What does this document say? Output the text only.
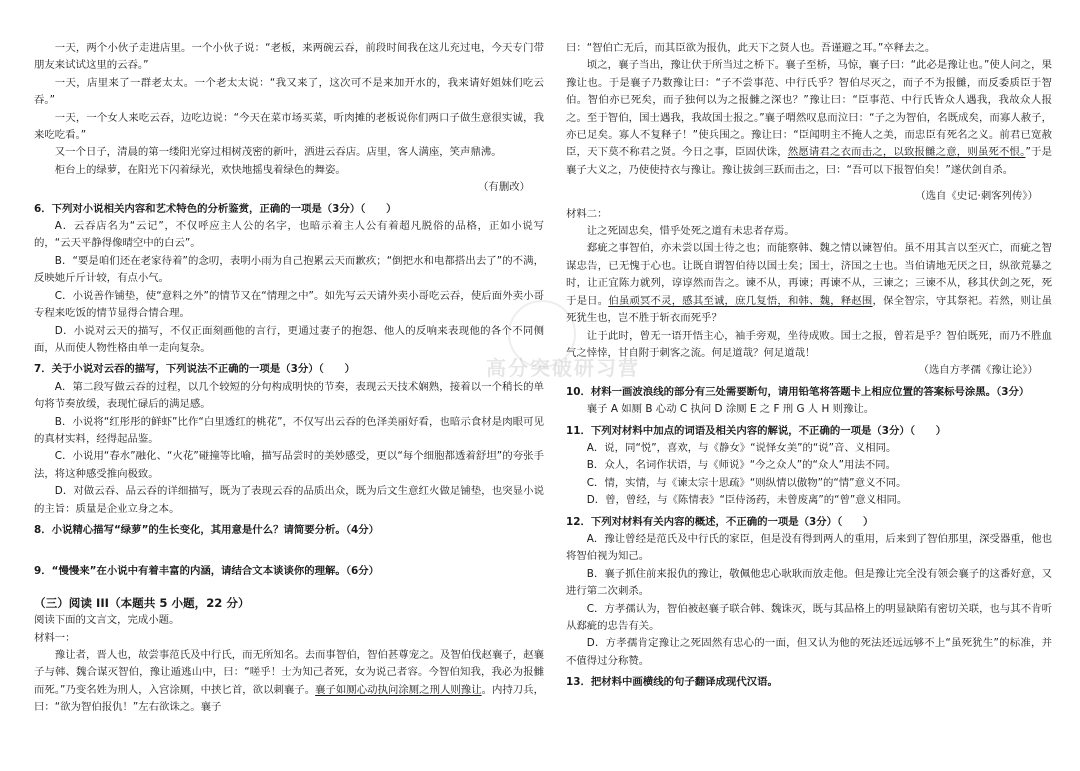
一天，两个小伙子走进店里。一个小伙子说：“老板，来两碗云吞，前段时间我在这儿充过电，今天专门带朋友来试试这里的云吞。”

一天，店里来了一群老太太。一个老太太说：“我又来了，这次可不是来加开水的，我来请好姐妹们吃云吞。”

一天，一个女人来吃云吞，边吃边说：“今天在菜市场买菜，听肉摊的老板说你们两口子做生意很实诚，我来吃吃看。”

又一个日子，清晨的第一缕阳光穿过相树茂密的新叶，洒进云吞店。店里，客人满座，笑声鼎沸。

柜台上的绿萝，在阳光下闪着绿光，欢快地摇曳着绿色的舞姿。

（有删改）

6．下列对小说相关内容和艺术特色的分析鉴赏，正确的一项是（3分）（　　）

A．云吞店名为“云记”，不仅呼应主人公的名字，也暗示着主人公有着超凡脱俗的品格，正如小说写的，“云天平静得像晴空中的白云”。

B．“要是咱们还在老家待着”的念叨，表明小雨为自己抱累云天而歉疚；“倒把水和电都搭出去了”的不满，反映她斤斤计较，有点小气。

C．小说善作铺垫，使“意料之外”的情节又在“情理之中”。如先写云天请外卖小哥吃云吞，使后面外卖小哥专程来吃饭的情节显得合情合理。

D．小说对云天的描写，不仅正面刻画他的言行，更通过妻子的抱怨、他人的反响来表现他的各个不同侧面，从而使人物性格由单一走向复杂。

7．关于小说对云吞的描写，下列说法不正确的一项是（3分）（　　）

A．第二段写做云吞的过程，以几个较短的分句构成明快的节奏，表现云天技术娴熟，接着以一个稍长的单句将节奏放缓，表现忙碌后的满足感。

B．小说将“红彤彤的鲜虾”比作“白里透红的桃花”，不仅写出云吞的色泽美丽好看，也暗示食材是肉眼可见的真材实料，经得起品鉴。

C．小说用“春水”融化、“火花”碰撞等比喻，描写品尝时的美妙感受，更以“每个细胞都透着舒坦”的夸张手法，将这种感受推向极致。

D．对做云吞、品云吞的详细描写，既为了表现云吞的品质出众，既为后文生意红火做足铺垫，也突显小说的主旨：质量是企业立身之本。

8．小说精心描写“绿萝”的生长变化，其用意是什么？请简要分析。（4分）

9．“慢慢来”在小说中有着丰富的内涵，请结合文本谈谈你的理解。（6分）

（三）阅读 III（本题共 5 小题，22 分）

阅读下面的文言文，完成小题。

材料一：

豫让者，晋人也，故尝事范氏及中行氏，而无所知名。去而事智伯，智伯甚尊宠之。及智伯伐赵襄子，赵襄子与韩、魏合谋灭智伯，豫让遁逃山中，曰：“嗟乎！士为知己者死，女为说己者容。今智伯知我，我必为报雠而死。”乃变名姓为刑人，入宫涂厕，中挟匕首，欲以刺襄子。襄子如厕心动执问涂厕之刑人则豫让。内持刀兵，曰：“欲为智伯报仇！”左右欲诛之。襄子

曰：“智伯亡无后，而其臣欲为报仇，此天下之贤人也。吾谨避之耳。”卒释去之。

顷之，襄子当出，豫让伏于所当过之桥下。襄子至桥，马惊，襄子曰：“此必是豫让也。”使人问之，果豫让也。于是襄子乃数豫让曰：“子不尝事范、中行氏乎？智伯尽灭之，而子不为报雠，而反委质臣于智伯。智伯亦已死矣，而子独何以为之报雠之深也？”豫让曰：“臣事范、中行氏皆众人遇我，我故众人报之。至于智伯，国士遇我，我故国士报之。”襄子喟然叹息而泣曰：“子之为智伯，名既成矣，而寡人赦子，亦已足矣。寡人不复释子！”使兵围之。豫让曰：“臣闻明主不掩人之美，而忠臣有死名之义。前君已宽赦臣，天下莫不称君之贤。今日之事，臣固伏诛，然愿请君之衣而击之，以致报雠之意，则虽死不恨。”于是襄子大义之，乃使使持衣与豫让。豫让拔剑三跃而击之，曰：“吾可以下报智伯矣！”遂伏剑自杀。

（选自《史记·刺客列传》）

材料二：

让之死固忠矣，惜乎处死之道有未忠者存焉。

郄疵之事智伯，亦未尝以国士待之也；而能察韩、魏之情以谏智伯。虽不用其言以至灭亡，而疵之智谋忠告，已无愧于心也。让既自谓智伯待以国士矣；国士，济国之士也。当伯请地无厌之日，纵欲荒暴之时，让正宜陈力就列，谆谆然而告之。谏不从，再谏；再谏不从，三谏之；三谏不从，移其伏剑之死，死于是日。伯虽顽冥不灵，感其至诚，庶几复悟，和韩、魏，释赵围，保全智宗，守其祭祀。若然，则让虽死犹生也，岂不胜于斩衣而死乎？

让于此时，曾无一语开悟主心，袖手旁观，坐待成败。国士之报，曾若是乎？智伯既死，而乃不胜血气之悻悻，甘自附于刺客之流。何足道哉？何足道哉！

（选自方孝孺《豫让论》）

10．材料一画波浪线的部分有三处需要断句，请用铅笔将答题卡上相应位置的答案标号涂黑。（3分）

襄子 A 如厕 B 心动 C 执问 D 涂厕 E 之 F 刑 G 人 H 则豫让。

11．下列对材料中加点的词语及相关内容的解说，不正确的一项是（3分）（　　）

A．说，同“悦”，喜欢，与《静女》“说怿女美”的“说”音、义相同。

B．众人，名词作状语，与《师说》“今之众人”的“众人”用法不同。

C．情，实情，与《谏太宗十思疏》“则纵情以傲物”的“情”意义不同。

D．曾，曾经，与《陈情表》“臣侍汤药，未曾废离”的“曾”意义相同。

12．下列对材料有关内容的概述，不正确的一项是（3分）（　　）

A．豫让曾经是范氏及中行氏的家臣，但是没有得到两人的重用，后来到了智伯那里，深受器重，他也将智伯视为知己。

B．襄子抓住前来报仇的豫让，敬佩他忠心耿耿而放走他。但是豫让完全没有领会襄子的这番好意，又进行第二次刺杀。

C．方孝孺认为，智伯被赵襄子联合韩、魏诛灭，既与其品格上的明显缺陷有密切关联，也与其不肯听从郄疵的忠告有关。

D．方孝孺肯定豫让之死固然有忠心的一面，但又认为他的死法还远远够不上“虽死犹生”的标准，并不值得过分称赞。

13．把材料中画横线的句子翻译成现代汉语。

高分突破研习营
